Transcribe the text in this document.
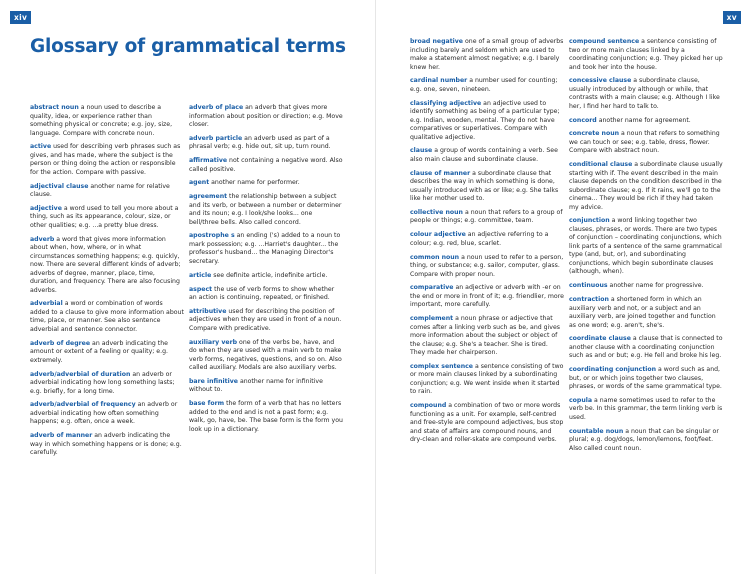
xiv
Glossary of grammatical terms

abstract noun a noun used to describe a quality, idea, or experience rather than something physical or concrete; e.g. joy, size, language. Compare with concrete noun.

active used for describing verb phrases such as gives, and has made, where the subject is the person or thing doing the action or responsible for the action. Compare with passive.

adjectival clause another name for relative clause.

adjective a word used to tell you more about a thing, such as its appearance, colour, size, or other qualities; e.g. ...a pretty blue dress.

adverb a word that gives more information about when, how, where, or in what circumstances something happens; e.g. quickly, now. There are several different kinds of adverb; adverbs of degree, manner, place, time, duration, and frequency. There are also focusing adverbs.

adverbial a word or combination of words added to a clause to give more information about time, place, or manner. See also sentence adverbial and sentence connector.

adverb of degree an adverb indicating the amount or extent of a feeling or quality; e.g. extremely.

adverb/adverbial of duration an adverb or adverbial indicating how long something lasts; e.g. briefly, for a long time.

adverb/adverbial of frequency an adverb or adverbial indicating how often something happens; e.g. often, once a week.

adverb of manner an adverb indicating the way in which something happens or is done; e.g. carefully.

adverb of place an adverb that gives more information about position or direction; e.g. Move closer.

adverb particle an adverb used as part of a phrasal verb; e.g. hide out, sit up, turn round.

affirmative not containing a negative word. Also called positive.

agent another name for performer.

agreement the relationship between a subject and its verb, or between a number or determiner and its noun; e.g. I look/she looks... one bell/three bells. Also called concord.

apostrophe s an ending ('s) added to a noun to mark possession; e.g. ...Harriet's daughter... the professor's husband... the Managing Director's secretary.

article see definite article, indefinite article.

aspect the use of verb forms to show whether an action is continuing, repeated, or finished.

attributive used for describing the position of adjectives when they are used in front of a noun. Compare with predicative.

auxiliary verb one of the verbs be, have, and do when they are used with a main verb to make verb forms, negatives, questions, and so on. Also called auxiliary. Modals are also auxiliary verbs.

bare infinitive another name for infinitive without to.

base form the form of a verb that has no letters added to the end and is not a past form; e.g. walk, go, have, be. The base form is the form you look up in a dictionary.

xv

broad negative one of a small group of adverbs including barely and seldom which are used to make a statement almost negative; e.g. I barely knew her.

cardinal number a number used for counting; e.g. one, seven, nineteen.

classifying adjective an adjective used to identify something as being of a particular type; e.g. Indian, wooden, mental. They do not have comparatives or superlatives. Compare with qualitative adjective.

clause a group of words containing a verb. See also main clause and subordinate clause.

clause of manner a subordinate clause that describes the way in which something is done, usually introduced with as or like; e.g. She talks like her mother used to.

collective noun a noun that refers to a group of people or things; e.g. committee, team.

colour adjective an adjective referring to a colour; e.g. red, blue, scarlet.

common noun a noun used to refer to a person, thing, or substance; e.g. sailor, computer, glass. Compare with proper noun.

comparative an adjective or adverb with -er on the end or more in front of it; e.g. friendlier, more important, more carefully.

complement a noun phrase or adjective that comes after a linking verb such as be, and gives more information about the subject or object of the clause; e.g. She's a teacher. She is tired. They made her chairperson.

complex sentence a sentence consisting of two or more main clauses linked by a subordinating conjunction; e.g. We went inside when it started to rain.

compound a combination of two or more words functioning as a unit. For example, self-centred and free-style are compound adjectives, bus stop and state of affairs are compound nouns, and dry-clean and roller-skate are compound verbs.

compound sentence a sentence consisting of two or more main clauses linked by a coordinating conjunction; e.g. They picked her up and took her into the house.

concessive clause a subordinate clause, usually introduced by although or while, that contrasts with a main clause; e.g. Although I like her, I find her hard to talk to.

concord another name for agreement.

concrete noun a noun that refers to something we can touch or see; e.g. table, dress, flower. Compare with abstract noun.

conditional clause a subordinate clause usually starting with if. The event described in the main clause depends on the condition described in the subordinate clause; e.g. If it rains, we'll go to the cinema... They would be rich if they had taken my advice.

conjunction a word linking together two clauses, phrases, or words. There are two types of conjunction – coordinating conjunctions, which link parts of a sentence of the same grammatical type (and, but, or), and subordinating conjunctions, which begin subordinate clauses (although, when).

continuous another name for progressive.

contraction a shortened form in which an auxiliary verb and not, or a subject and an auxiliary verb, are joined together and function as one word; e.g. aren't, she's.

coordinate clause a clause that is connected to another clause with a coordinating conjunction such as and or but; e.g. He fell and broke his leg.

coordinating conjunction a word such as and, but, or or which joins together two clauses, phrases, or words of the same grammatical type.

copula a name sometimes used to refer to the verb be. In this grammar, the term linking verb is used.

countable noun a noun that can be singular or plural; e.g. dog/dogs, lemon/lemons, foot/feet. Also called count noun.
